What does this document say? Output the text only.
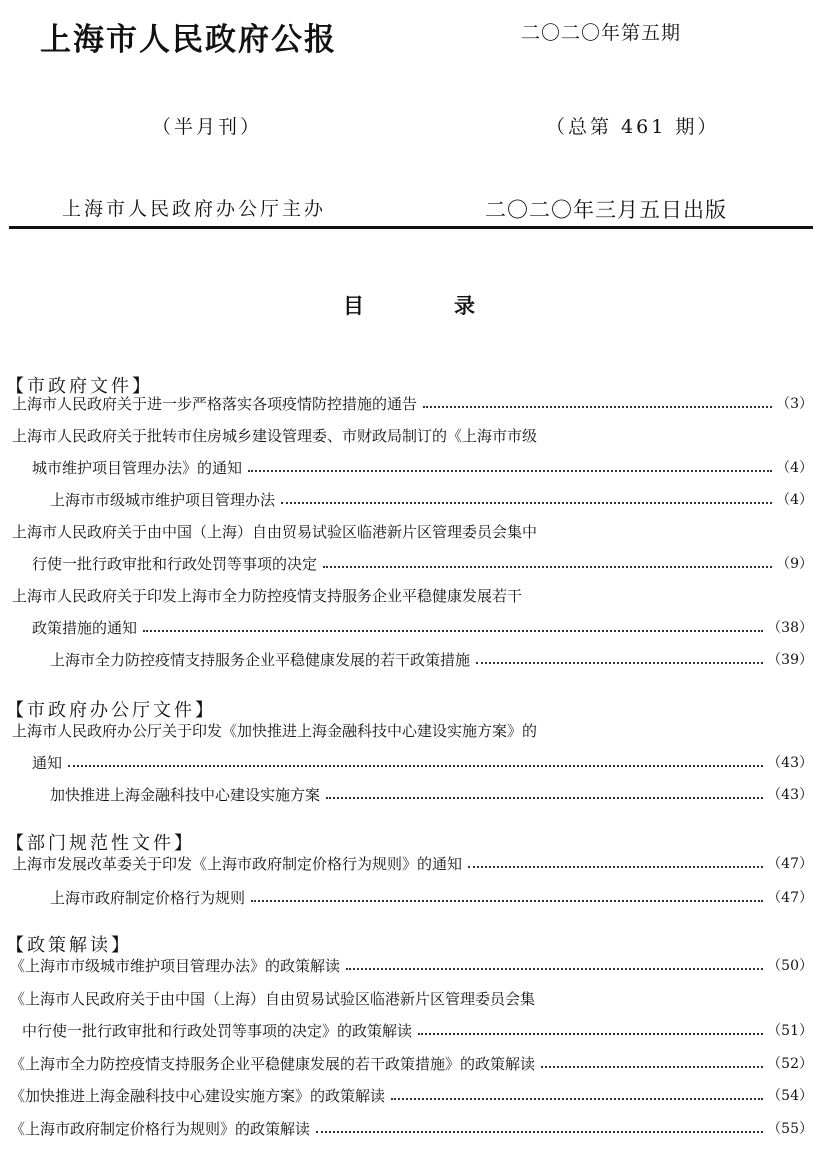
上海市人民政府公报	二〇二〇年第五期
（半月刊）	（总第 461 期）
上海市人民政府办公厅主办	二〇二〇年三月五日出版
目	录
【市政府文件】
上海市人民政府关于进一步严格落实各项疫情防控措施的通告	（3）
上海市人民政府关于批转市住房城乡建设管理委、市财政局制订的《上海市市级
城市维护项目管理办法》的通知	（4）
上海市市级城市维护项目管理办法	（4）
上海市人民政府关于由中国（上海）自由贸易试验区临港新片区管理委员会集中
行使一批行政审批和行政处罚等事项的决定	（9）
上海市人民政府关于印发上海市全力防控疫情支持服务企业平稳健康发展若干
政策措施的通知	（38）
上海市全力防控疫情支持服务企业平稳健康发展的若干政策措施	（39）
【市政府办公厅文件】
上海市人民政府办公厅关于印发《加快推进上海金融科技中心建设实施方案》的
通知	（43）
加快推进上海金融科技中心建设实施方案	（43）
【部门规范性文件】
上海市发展改革委关于印发《上海市政府制定价格行为规则》的通知	（47）
上海市政府制定价格行为规则	（47）
【政策解读】
《上海市市级城市维护项目管理办法》的政策解读	（50）
《上海市人民政府关于由中国（上海）自由贸易试验区临港新片区管理委员会集
中行使一批行政审批和行政处罚等事项的决定》的政策解读	（51）
《上海市全力防控疫情支持服务企业平稳健康发展的若干政策措施》的政策解读	（52）
《加快推进上海金融科技中心建设实施方案》的政策解读	（54）
《上海市政府制定价格行为规则》的政策解读	（55）
